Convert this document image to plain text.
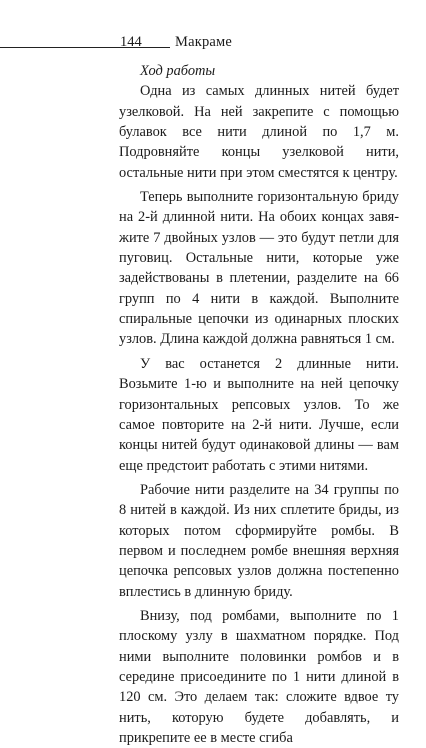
144 Макраме
Ход работы

Одна из самых длинных нитей будет узелковой. На ней закрепите с помощью булавок все нити длиной по 1,7 м. Подровняйте концы узелковой нити, остальные нити при этом сместятся к центру.

Теперь выполните горизонтальную бриду на 2-й длинной нити. На обоих концах завяжите 7 двойных узлов — это будут петли для пуговиц. Остальные нити, которые уже задействованы в плетении, разделите на 66 групп по 4 нити в каждой. Выполните спиральные цепочки из одинарных плоских узлов. Длина каждой должна равняться 1 см.

У вас останется 2 длинные нити. Возьмите 1-ю и выполните на ней цепочку горизонтальных репсовых узлов. То же самое повторите на 2-й нити. Лучше, если концы нитей будут одинаковой длины — вам еще предстоит работать с этими нитями.

Рабочие нити разделите на 34 группы по 8 нитей в каждой. Из них сплетите бриды, из которых потом сформируйте ромбы. В первом и последнем ромбе внешняя верхняя цепочка репсовых узлов должна постепенно вплестись в длинную бриду.

Внизу, под ромбами, выполните по 1 плоскому узлу в шахматном порядке. Под ними выполните половинки ромбов и в середине присоедините по 1 нити длиной в 120 см. Это делаем так: сложите вдвое ту нить, которую будете добавлять, и прикрепите ее в месте сгиба
